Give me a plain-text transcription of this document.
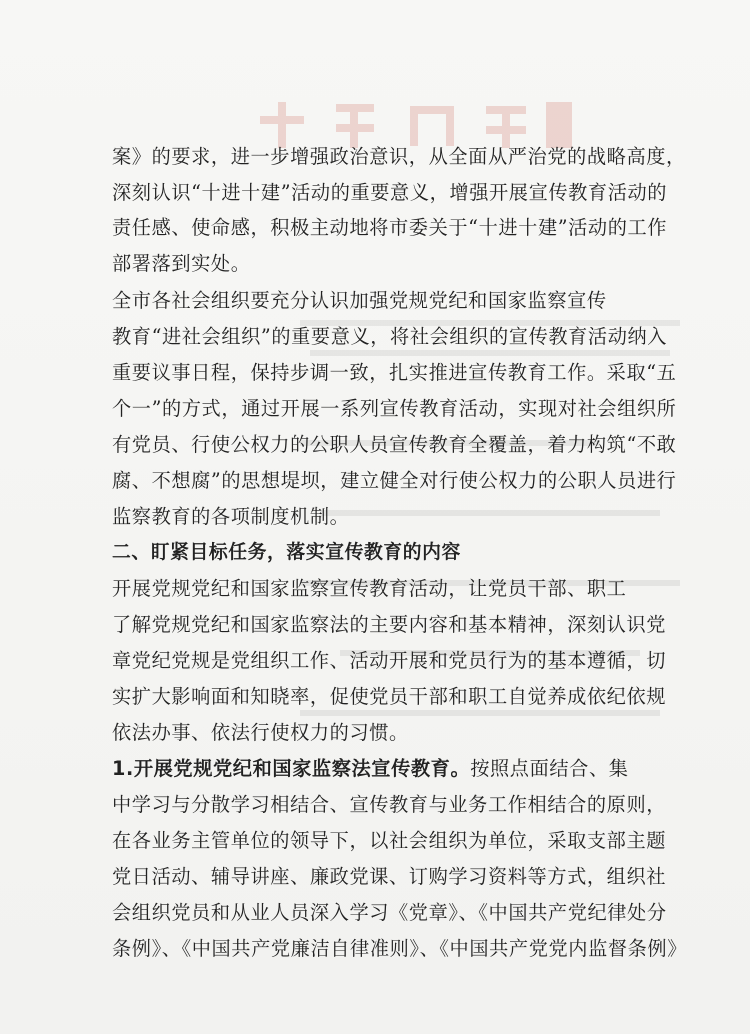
案》的要求，进一步增强政治意识，从全面从严治党的战略高度，
深刻认识“十进十建”活动的重要意义，增强开展宣传教育活动的
责任感、使命感，积极主动地将市委关于“十进十建”活动的工作
部署落到实处。
全市各社会组织要充分认识加强党规党纪和国家监察宣传
教育“进社会组织”的重要意义，将社会组织的宣传教育活动纳入
重要议事日程，保持步调一致，扎实推进宣传教育工作。采取“五
个一”的方式，通过开展一系列宣传教育活动，实现对社会组织所
有党员、行使公权力的公职人员宣传教育全覆盖，着力构筑“不敢
腐、不想腐”的思想堤坝，建立健全对行使公权力的公职人员进行
监察教育的各项制度机制。
二、盯紧目标任务，落实宣传教育的内容
开展党规党纪和国家监察宣传教育活动，让党员干部、职工
了解党规党纪和国家监察法的主要内容和基本精神，深刻认识党
章党纪党规是党组织工作、活动开展和党员行为的基本遵循，切
实扩大影响面和知晓率，促使党员干部和职工自觉养成依纪依规
依法办事、依法行使权力的习惯。
1.开展党规党纪和国家监察法宣传教育。按照点面结合、集
中学习与分散学习相结合、宣传教育与业务工作相结合的原则，
在各业务主管单位的领导下，以社会组织为单位，采取支部主题
党日活动、辅导讲座、廉政党课、订购学习资料等方式，组织社
会组织党员和从业人员深入学习《党章》、《中国共产党纪律处分
条例》、《中国共产党廉洁自律准则》、《中国共产党党内监督条例》
